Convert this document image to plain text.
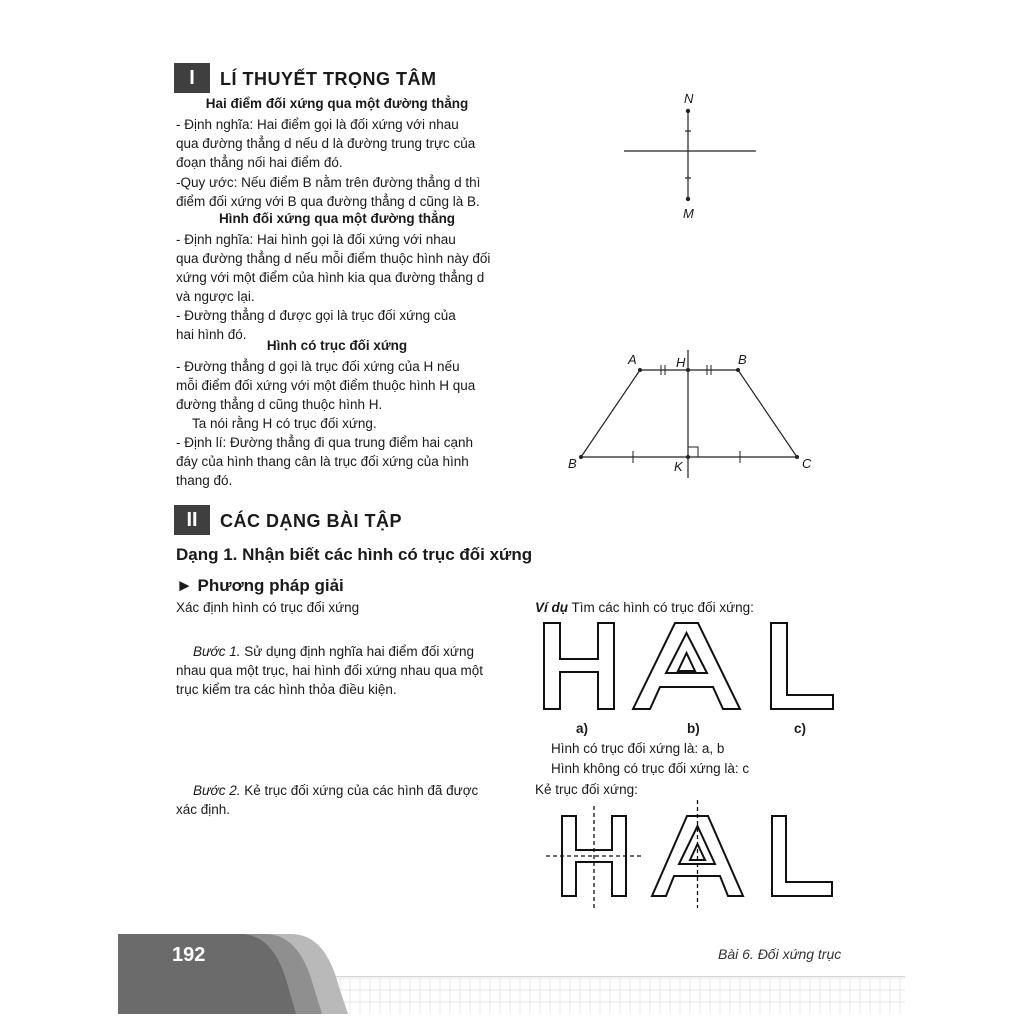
I	LÍ THUYẾT TRỌNG TÂM
Hai điểm đối xứng qua một đường thẳng
- Định nghĩa: Hai điểm gọi là đối xứng với nhau
qua đường thẳng d nếu d là đường trung trực của
đoạn thẳng nối hai điểm đó.
-Quy ước: Nếu điểm B nằm trên đường thẳng d thì
điểm đối xứng với B qua đường thẳng d cũng là B.
Hình đối xứng qua một đường thẳng
- Định nghĩa: Hai hình gọi là đối xứng với nhau
qua đường thẳng d nếu mỗi điểm thuộc hình này đối
xứng với một điểm của hình kia qua đường thẳng d
và ngược lại.
- Đường thẳng d được gọi là trục đối xứng của
hai hình đó.
Hình có trục đối xứng
- Đường thẳng d gọi là trục đối xứng của H nếu
mỗi điểm đối xứng với một điểm thuộc hình H qua
đường thẳng d cũng thuộc hình H.
Ta nói rằng H có trục đối xứng.
- Định lí: Đường thẳng đi qua trung điểm hai cạnh
đáy của hình thang cân là trục đối xứng của hình
thang đó.
N
M
A	H	B
B	K	C
II	CÁC DẠNG BÀI TẬP
Dạng 1. Nhận biết các hình có trục đối xứng
► Phương pháp giải
Xác định hình có trục đối xứng
Bước 1. Sử dụng định nghĩa hai điểm đối xứng
nhau qua một trục, hai hình đối xứng nhau qua một
trục kiểm tra các hình thỏa điều kiện.
Bước 2. Kẻ trục đối xứng của các hình đã được
xác định.
Ví dụ Tìm các hình có trục đối xứng:
a)	b)	c)
Hình có trục đối xứng là: a, b
Hình không có trục đối xứng là: c
Kẻ trục đối xứng:
192	Bài 6. Đối xứng trục
